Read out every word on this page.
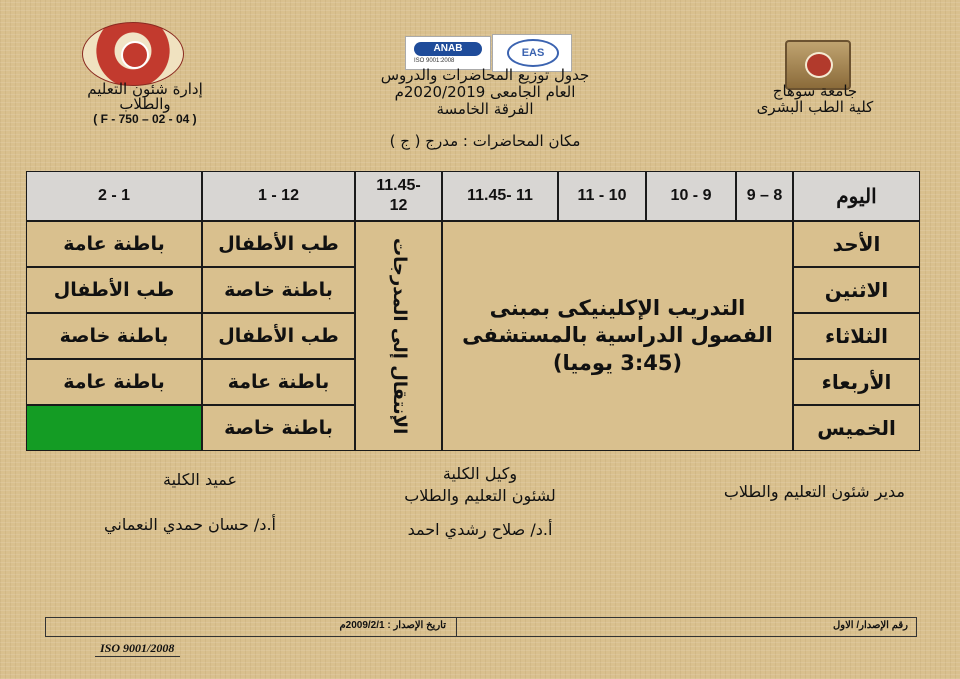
ANAB
ISO 9001:2008
EAS
جامعة سوهاج
كلية الطب البشرى
إدارة شئون التعليم
والطلاب
( F - 750 – 02 - 04 )
جدول توزيع المحاضرات والدروس
العام الجامعى 2020/2019م
الفرقة الخامسة
مكان المحاضرات : مدرج ( ج )
اليوم
8 – 9
9 - 10
10 - 11
11 -11.45
-11.45
12
12 - 1
1 - 2
الأحد
الاثنين
الثلاثاء
الأربعاء
الخميس
التدريب الإكلينيكى بمبنى الفصول الدراسية بالمستشفى (3:45 يوميا)
الإنتقال إلى المدرجات
طب الأطفال
باطنة خاصة
طب الأطفال
باطنة عامة
باطنة خاصة
باطنة عامة
طب الأطفال
باطنة خاصة
باطنة عامة
مدير شئون التعليم والطلاب
وكيل الكلية
لشئون التعليم والطلاب
أ.د/ صلاح رشدي احمد
عميد الكلية
أ.د/ حسان حمدي النعماني
رقم الإصدار/ الاول
تاريخ الإصدار : 2009/2/1م
ISO 9001/2008
